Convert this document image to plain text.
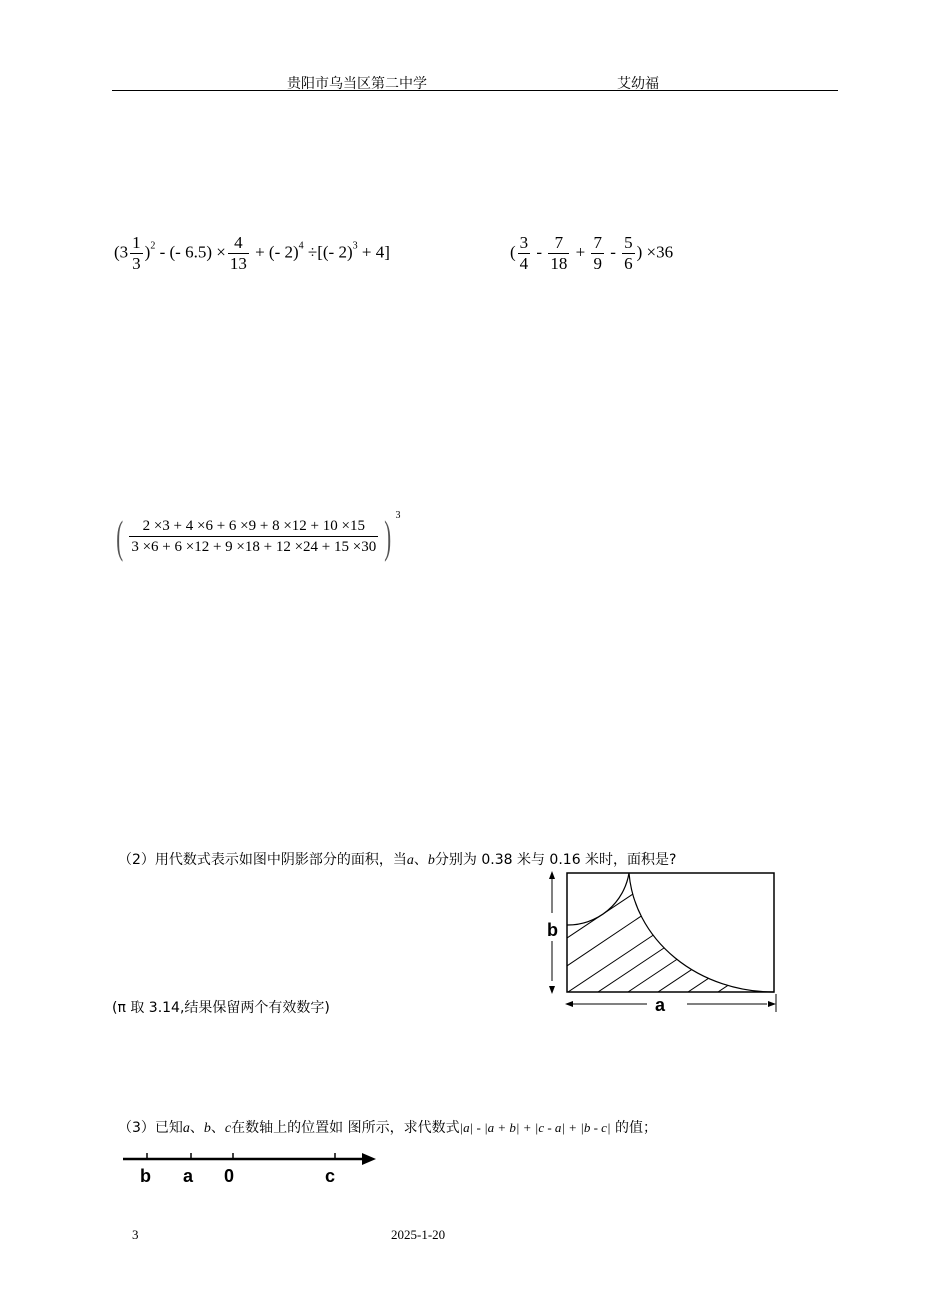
贵阳市乌当区第二中学	艾幼福
$(3 \frac{1}{3} )^2$ - (- $6.5) \times \frac{4}{13}$ + (- 2)$^4$ ÷[(- 2)$^3$ + 4]	( $\frac{3}{4} - \frac{7}{18} + \frac{7}{9} - \frac{5}{6}$ ) ×36
( $\frac{2 \times 3 + 4 \times 6 + 6 \times 9 + 8 \times 12 + 10 \times 15}{3 \times 6 + 6 \times 12 + 9 \times 18 + 12 \times 24 + 15 \times 30}$ ) $^3$
（2）用代数式表示如图中阴影部分的面积，当a、b分别为 0.38 米与 0.16 米时，面积是?
(π 取 3.14,结果保留两个有效数字)
b
a
（3）已知a、b、c在数轴上的位置如 图所示，求代数式|a| - |a + b| + |c - a| + |b - c| 的值；
b a 0	c
3	2025-1-20
